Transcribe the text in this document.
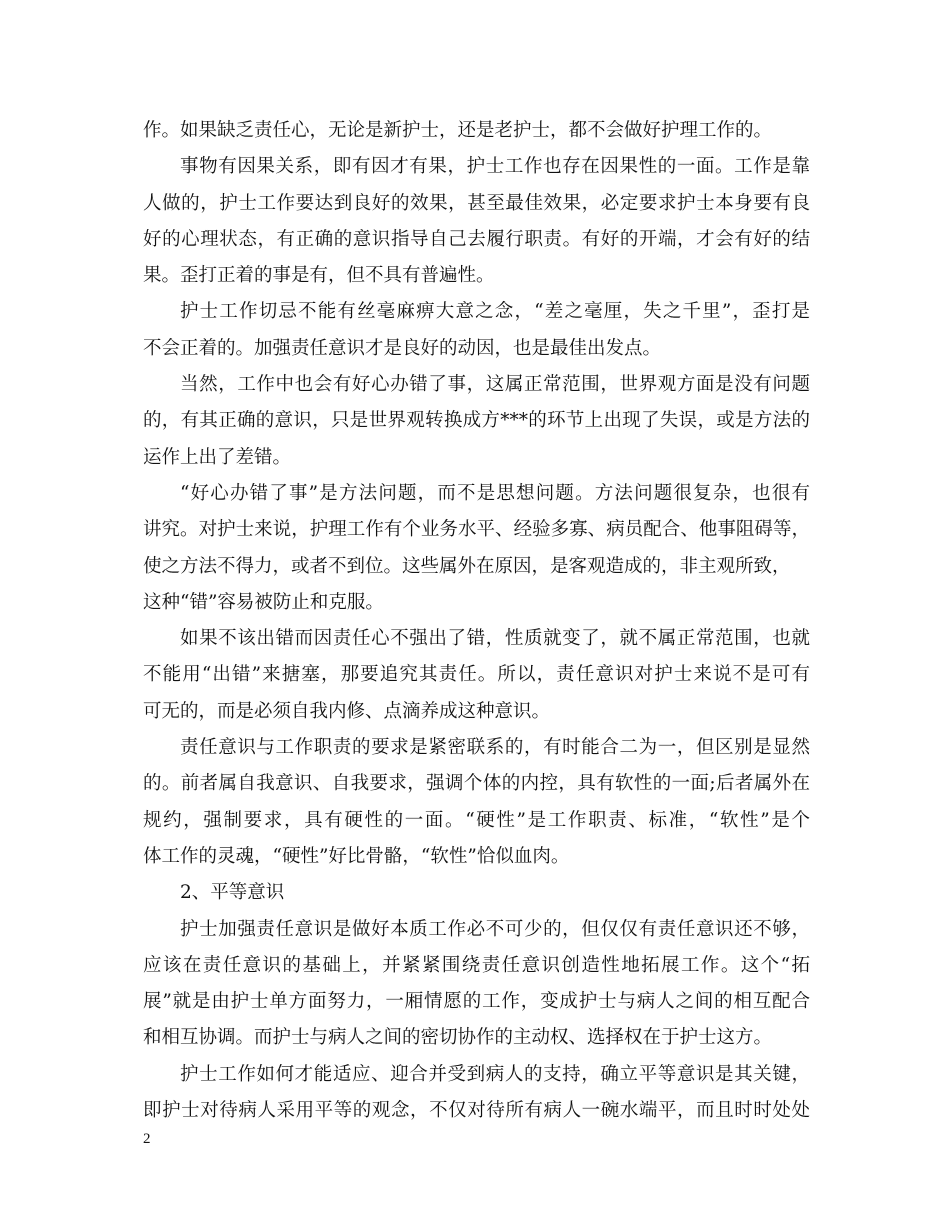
作。如果缺乏责任心，无论是新护士，还是老护士，都不会做好护理工作的。
事物有因果关系，即有因才有果，护士工作也存在因果性的一面。工作是靠
人做的，护士工作要达到良好的效果，甚至最佳效果，必定要求护士本身要有良
好的心理状态，有正确的意识指导自己去履行职责。有好的开端，才会有好的结
果。歪打正着的事是有，但不具有普遍性。
护士工作切忌不能有丝毫麻痹大意之念，“差之毫厘，失之千里”，歪打是
不会正着的。加强责任意识才是良好的动因，也是最佳出发点。
当然，工作中也会有好心办错了事，这属正常范围，世界观方面是没有问题
的，有其正确的意识，只是世界观转换成方***的环节上出现了失误，或是方法的
运作上出了差错。
“好心办错了事”是方法问题，而不是思想问题。方法问题很复杂，也很有
讲究。对护士来说，护理工作有个业务水平、经验多寡、病员配合、他事阻碍等，
使之方法不得力，或者不到位。这些属外在原因，是客观造成的，非主观所致，
这种“错”容易被防止和克服。
如果不该出错而因责任心不强出了错，性质就变了，就不属正常范围，也就
不能用“出错”来搪塞，那要追究其责任。所以，责任意识对护士来说不是可有
可无的，而是必须自我内修、点滴养成这种意识。
责任意识与工作职责的要求是紧密联系的，有时能合二为一，但区别是显然
的。前者属自我意识、自我要求，强调个体的内控，具有软性的一面;后者属外在
规约，强制要求，具有硬性的一面。“硬性”是工作职责、标准，“软性”是个
体工作的灵魂，“硬性”好比骨骼，“软性”恰似血肉。
2、平等意识
护士加强责任意识是做好本质工作必不可少的，但仅仅有责任意识还不够，
应该在责任意识的基础上，并紧紧围绕责任意识创造性地拓展工作。这个“拓
展”就是由护士单方面努力，一厢情愿的工作，变成护士与病人之间的相互配合
和相互协调。而护士与病人之间的密切协作的主动权、选择权在于护士这方。
护士工作如何才能适应、迎合并受到病人的支持，确立平等意识是其关键，
即护士对待病人采用平等的观念，不仅对待所有病人一碗水端平，而且时时处处
2
